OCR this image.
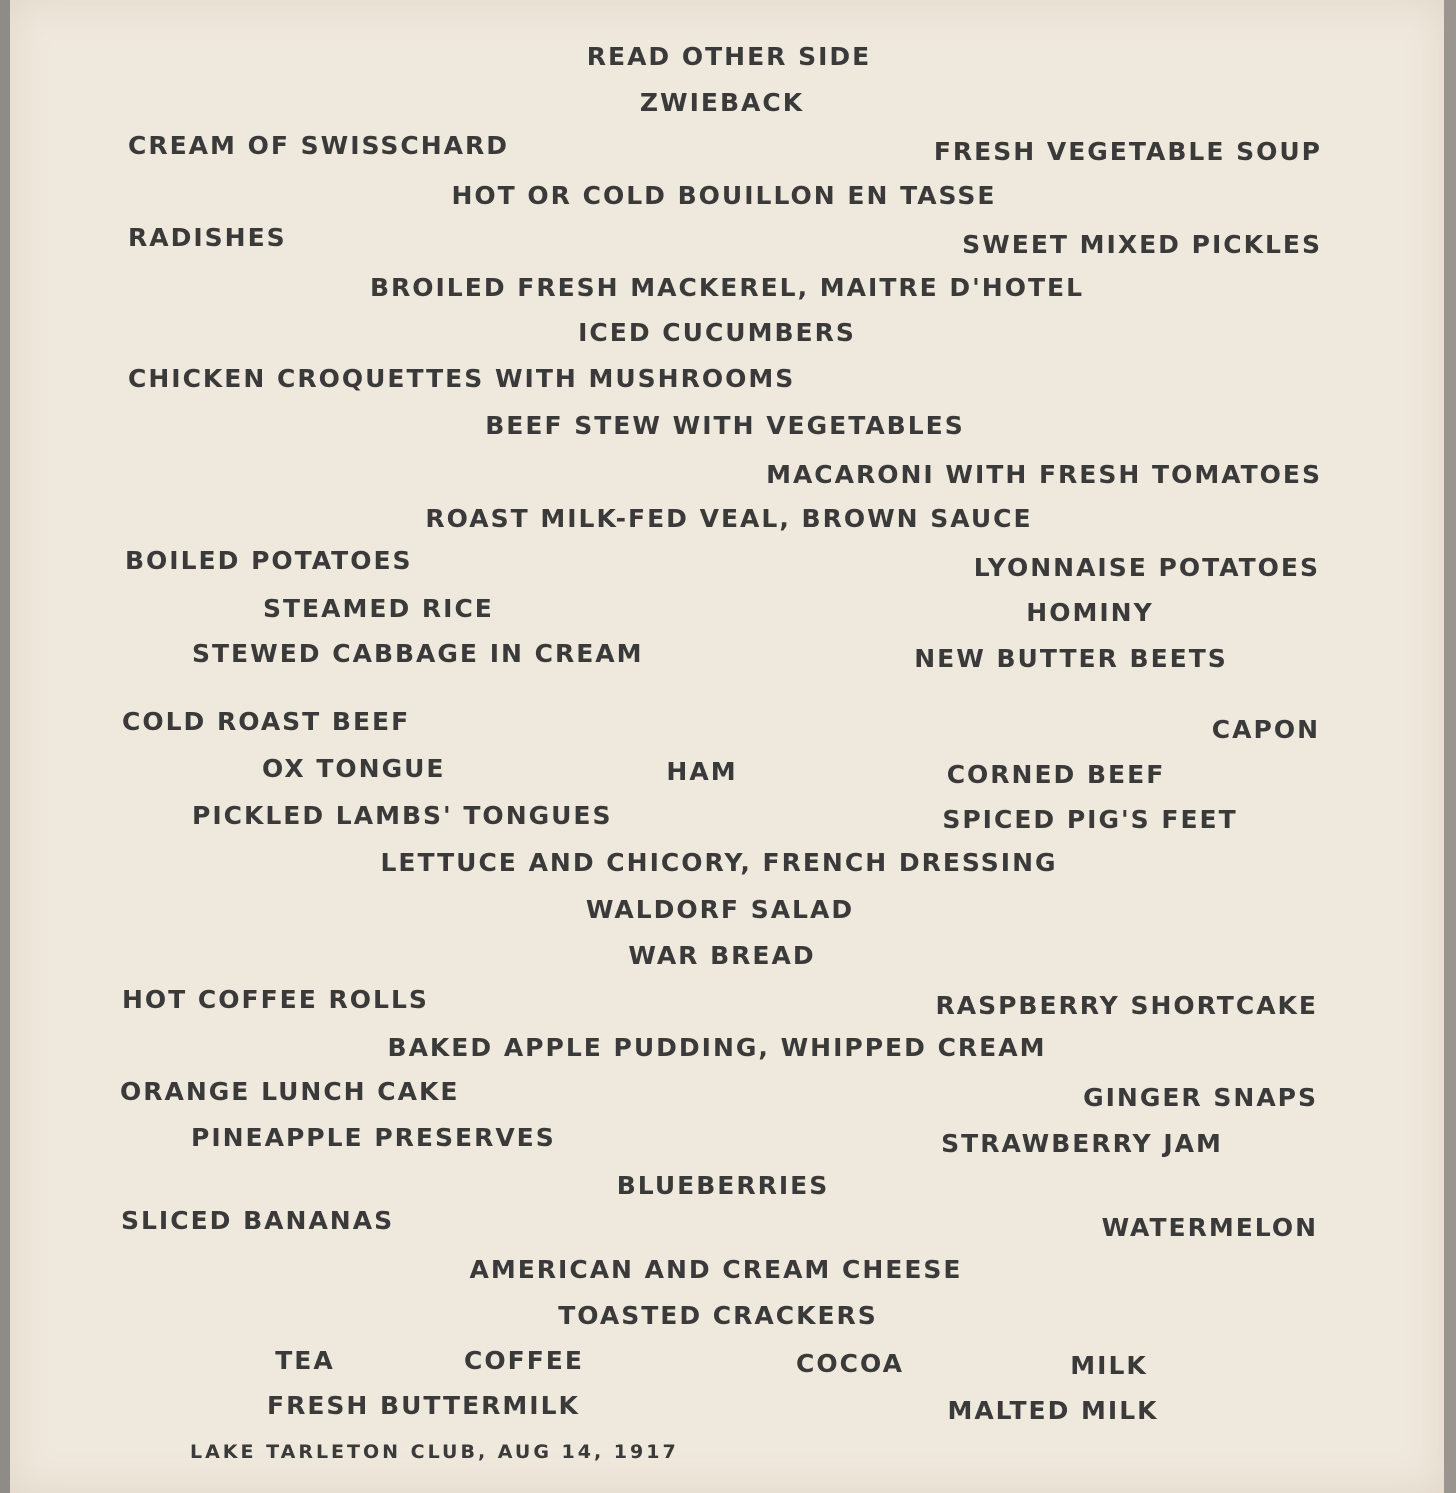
READ OTHER SIDE
ZWIEBACK
CREAM OF SWISSCHARD	FRESH VEGETABLE SOUP
HOT OR COLD BOUILLON EN TASSE
RADISHES	SWEET MIXED PICKLES
BROILED FRESH MACKEREL, MAITRE D'HOTEL
ICED CUCUMBERS
CHICKEN CROQUETTES WITH MUSHROOMS
BEEF STEW WITH VEGETABLES
MACARONI WITH FRESH TOMATOES
ROAST MILK-FED VEAL, BROWN SAUCE
BOILED POTATOES	LYONNAISE POTATOES
STEAMED RICE	HOMINY
STEWED CABBAGE IN CREAM	NEW BUTTER BEETS
COLD ROAST BEEF	CAPON
OX TONGUE	HAM	CORNED BEEF
PICKLED LAMBS' TONGUES	SPICED PIG'S FEET
LETTUCE AND CHICORY, FRENCH DRESSING
WALDORF SALAD
WAR BREAD
HOT COFFEE ROLLS	RASPBERRY SHORTCAKE
BAKED APPLE PUDDING, WHIPPED CREAM
ORANGE LUNCH CAKE	GINGER SNAPS
PINEAPPLE PRESERVES	STRAWBERRY JAM
BLUEBERRIES
SLICED BANANAS	WATERMELON
AMERICAN AND CREAM CHEESE
TOASTED CRACKERS
TEA	COFFEE	COCOA	MILK
FRESH BUTTERMILK	MALTED MILK
LAKE TARLETON CLUB, AUG 14, 1917
